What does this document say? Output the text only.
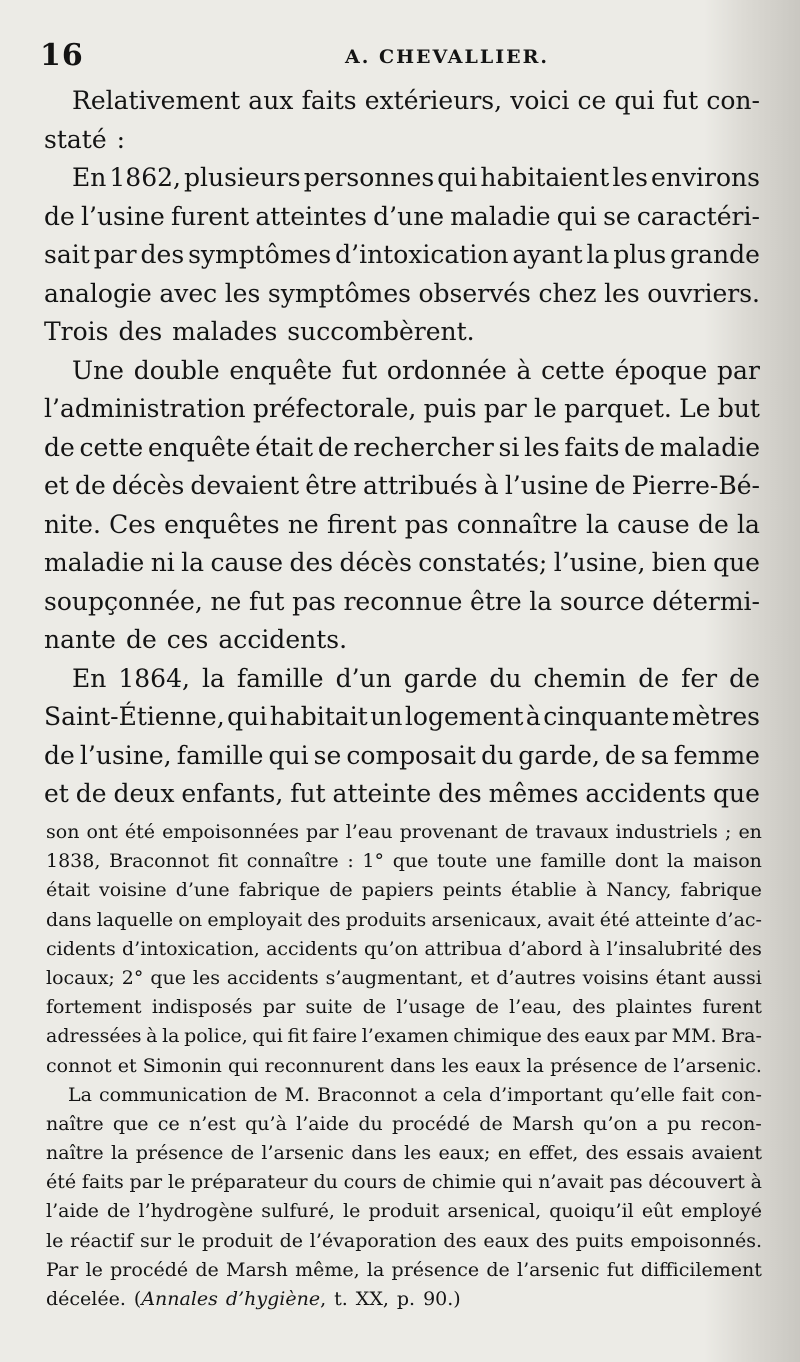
16	A. CHEVALLIER.
Relativement aux faits extérieurs, voici ce qui fut con-
staté :
En 1862, plusieurs personnes qui habitaient les environs
de l’usine furent atteintes d’une maladie qui se caractéri-
sait par des symptômes d’intoxication ayant la plus grande
analogie avec les symptômes observés chez les ouvriers.
Trois des malades succombèrent.
Une double enquête fut ordonnée à cette époque par
l’administration préfectorale, puis par le parquet. Le but
de cette enquête était de rechercher si les faits de maladie
et de décès devaient être attribués à l’usine de Pierre-Bé-
nite. Ces enquêtes ne firent pas connaître la cause de la
maladie ni la cause des décès constatés; l’usine, bien que
soupçonnée, ne fut pas reconnue être la source détermi-
nante de ces accidents.
En 1864, la famille d’un garde du chemin de fer de
Saint-Étienne, qui habitait un logement à cinquante mètres
de l’usine, famille qui se composait du garde, de sa femme
et de deux enfants, fut atteinte des mêmes accidents que
son ont été empoisonnées par l’eau provenant de travaux industriels ; en
1838, Braconnot fit connaître : 1° que toute une famille dont la maison
était voisine d’une fabrique de papiers peints établie à Nancy, fabrique
dans laquelle on employait des produits arsenicaux, avait été atteinte d’ac-
cidents d’intoxication, accidents qu’on attribua d’abord à l’insalubrité des
locaux; 2° que les accidents s’augmentant, et d’autres voisins étant aussi
fortement indisposés par suite de l’usage de l’eau, des plaintes furent
adressées à la police, qui fit faire l’examen chimique des eaux par MM. Bra-
connot et Simonin qui reconnurent dans les eaux la présence de l’arsenic.
La communication de M. Braconnot a cela d’important qu’elle fait con-
naître que ce n’est qu’à l’aide du procédé de Marsh qu’on a pu recon-
naître la présence de l’arsenic dans les eaux; en effet, des essais avaient
été faits par le préparateur du cours de chimie qui n’avait pas découvert à
l’aide de l’hydrogène sulfuré, le produit arsenical, quoiqu’il eût employé
le réactif sur le produit de l’évaporation des eaux des puits empoisonnés.
Par le procédé de Marsh même, la présence de l’arsenic fut difficilement
décelée. (Annales d’hygiène, t. XX, p. 90.)
